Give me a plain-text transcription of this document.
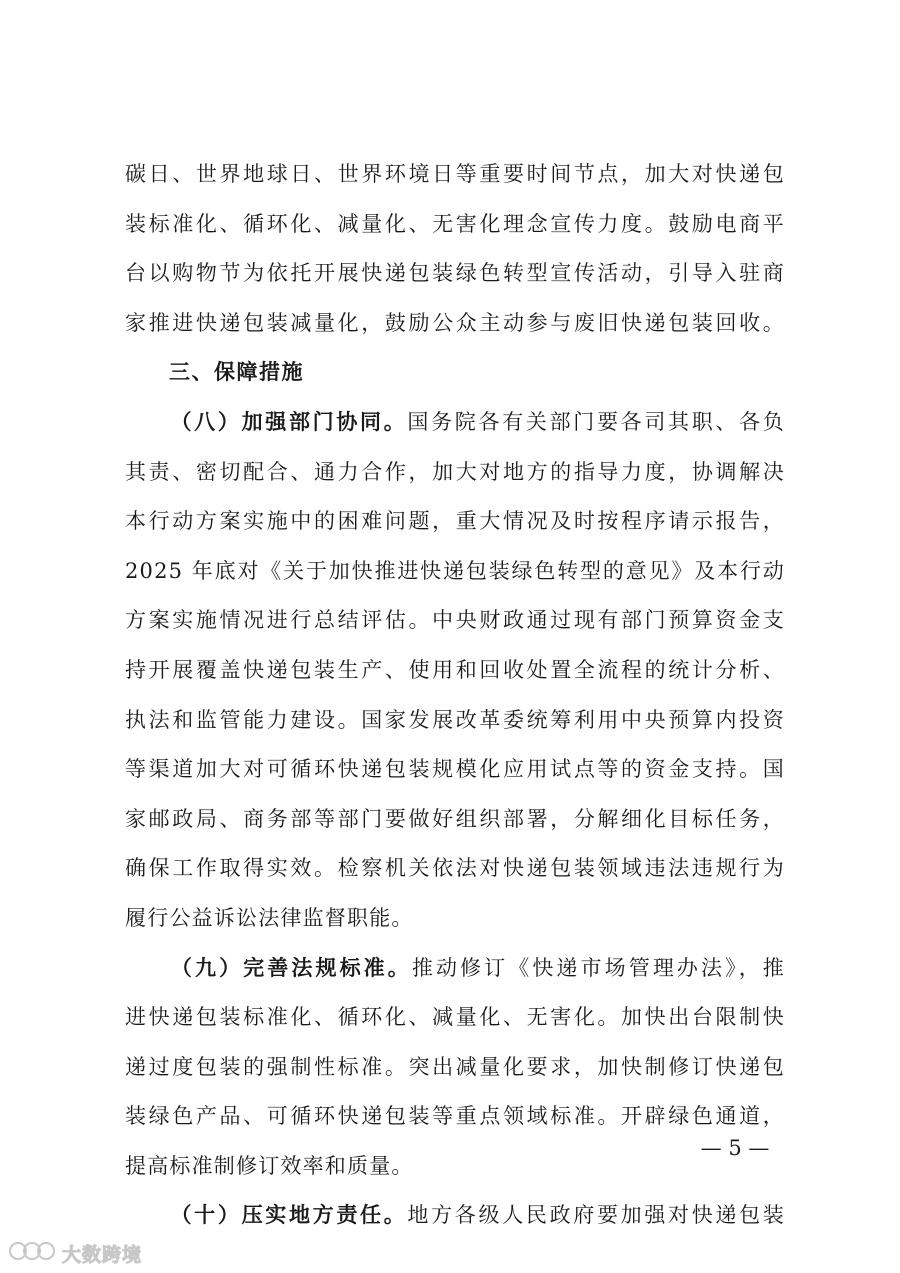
碳日、世界地球日、世界环境日等重要时间节点，加大对快递包
装标准化、循环化、减量化、无害化理念宣传力度。鼓励电商平
台以购物节为依托开展快递包装绿色转型宣传活动，引导入驻商
家推进快递包装减量化，鼓励公众主动参与废旧快递包装回收。
三、保障措施
（八）加强部门协同。国务院各有关部门要各司其职、各负
其责、密切配合、通力合作，加大对地方的指导力度，协调解决
本行动方案实施中的困难问题，重大情况及时按程序请示报告，
2025 年底对《关于加快推进快递包装绿色转型的意见》及本行动
方案实施情况进行总结评估。中央财政通过现有部门预算资金支
持开展覆盖快递包装生产、使用和回收处置全流程的统计分析、
执法和监管能力建设。国家发展改革委统筹利用中央预算内投资
等渠道加大对可循环快递包装规模化应用试点等的资金支持。国
家邮政局、商务部等部门要做好组织部署，分解细化目标任务，
确保工作取得实效。检察机关依法对快递包装领域违法违规行为
履行公益诉讼法律监督职能。
（九）完善法规标准。推动修订《快递市场管理办法》，推
进快递包装标准化、循环化、减量化、无害化。加快出台限制快
递过度包装的强制性标准。突出减量化要求，加快制修订快递包
装绿色产品、可循环快递包装等重点领域标准。开辟绿色通道，
提高标准制修订效率和质量。
（十）压实地方责任。地方各级人民政府要加强对快递包装
— 5 —
大数跨境
